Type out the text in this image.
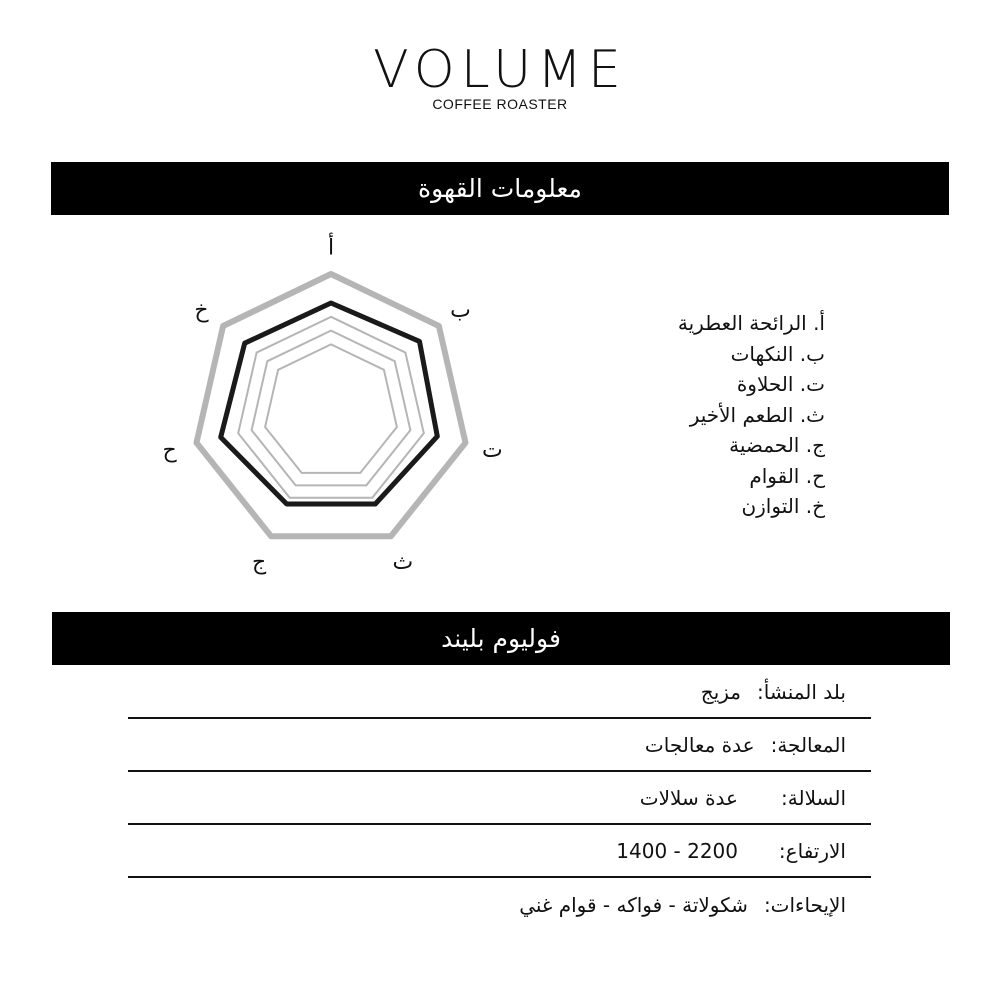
VOLUME
COFFEE ROASTER
معلومات القهوة
أ
ب
ت
ث
ج
ح
خ
أ. الرائحة العطرية
ب. النكهات
ت. الحلاوة
ث. الطعم الأخير
ج. الحمضية
ح. القوام
خ. التوازن
فوليوم بليند
بلد المنشأ:
مزيج
المعالجة:
عدة معالجات
السلالة:
عدة سلالات
الارتفاع:
1400 - 2200
الإيحاءات:
شكولاتة - فواكه - قوام غني
